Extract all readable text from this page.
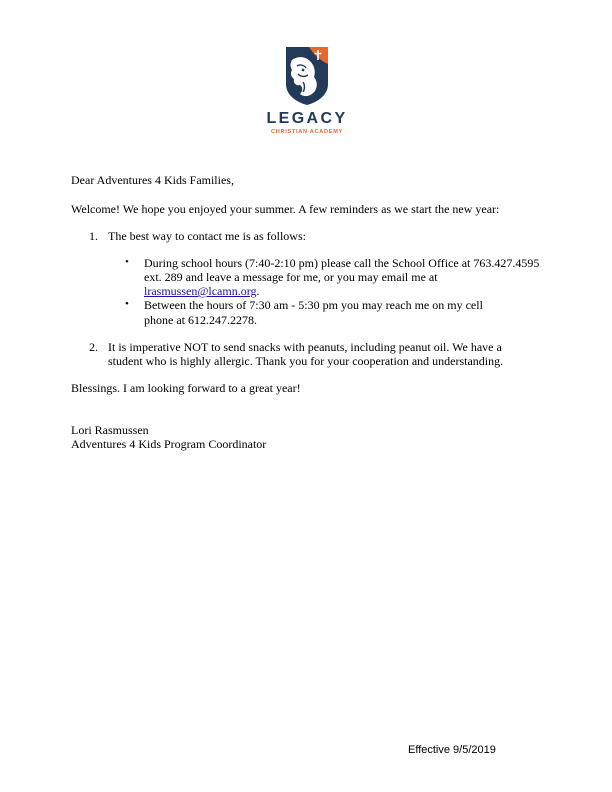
LEGACY
CHRISTIAN ACADEMY
Dear Adventures 4 Kids Families,
Welcome! We hope you enjoyed your summer. A few reminders as we start the new year:
1. The best way to contact me is as follows:
• During school hours (7:40-2:10 pm) please call the School Office at 763.427.4595
ext. 289 and leave a message for me, or you may email me at
lrasmussen@lcamn.org.
• Between the hours of 7:30 am - 5:30 pm you may reach me on my cell
phone at 612.247.2278.
2. It is imperative NOT to send snacks with peanuts, including peanut oil. We have a
student who is highly allergic. Thank you for your cooperation and understanding.
Blessings. I am looking forward to a great year!
Lori Rasmussen
Adventures 4 Kids Program Coordinator
Effective 9/5/2019
